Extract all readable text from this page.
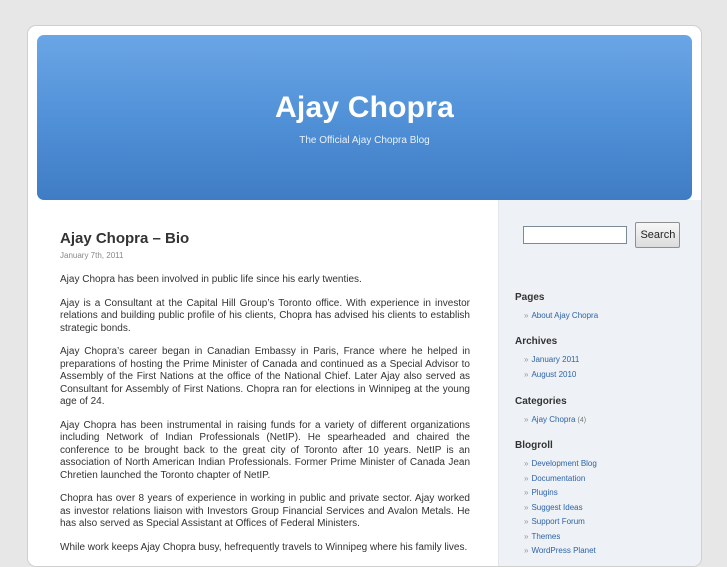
Ajay Chopra
The Official Ajay Chopra Blog
Ajay Chopra – Bio
January 7th, 2011

Ajay Chopra has been involved in public life since his early twenties.

Ajay is a Consultant at the Capital Hill Group’s Toronto office. With experience in investor relations and building public profile of his clients, Chopra has advised his clients to establish strategic bonds.

Ajay Chopra’s career began in Canadian Embassy in Paris, France where he helped in preparations of hosting the Prime Minister of Canada and continued as a Special Advisor to Assembly of the First Nations at the office of the National Chief. Later Ajay also served as Consultant for Assembly of First Nations. Chopra ran for elections in Winnipeg at the young age of 24.

Ajay Chopra has been instrumental in raising funds for a variety of different organizations including Network of Indian Professionals (NetIP). He spearheaded and chaired the conference to be brought back to the great city of Toronto after 10 years. NetIP is an association of North American Indian Professionals. Former Prime Minister of Canada Jean Chretien launched the Toronto chapter of NetIP.

Chopra has over 8 years of experience in working in public and private sector. Ajay worked as investor relations liaison with Investors Group Financial Services and Avalon Metals. He has also served as Special Assistant at Offices of Federal Ministers.

While work keeps Ajay Chopra busy, hefrequently travels to Winnipeg where his family lives.

Search
Pages
» About Ajay Chopra
Archives
» January 2011
» August 2010
Categories
» Ajay Chopra (4)
Blogroll
» Development Blog
» Documentation
» Plugins
» Suggest Ideas
» Support Forum
» Themes
» WordPress Planet
